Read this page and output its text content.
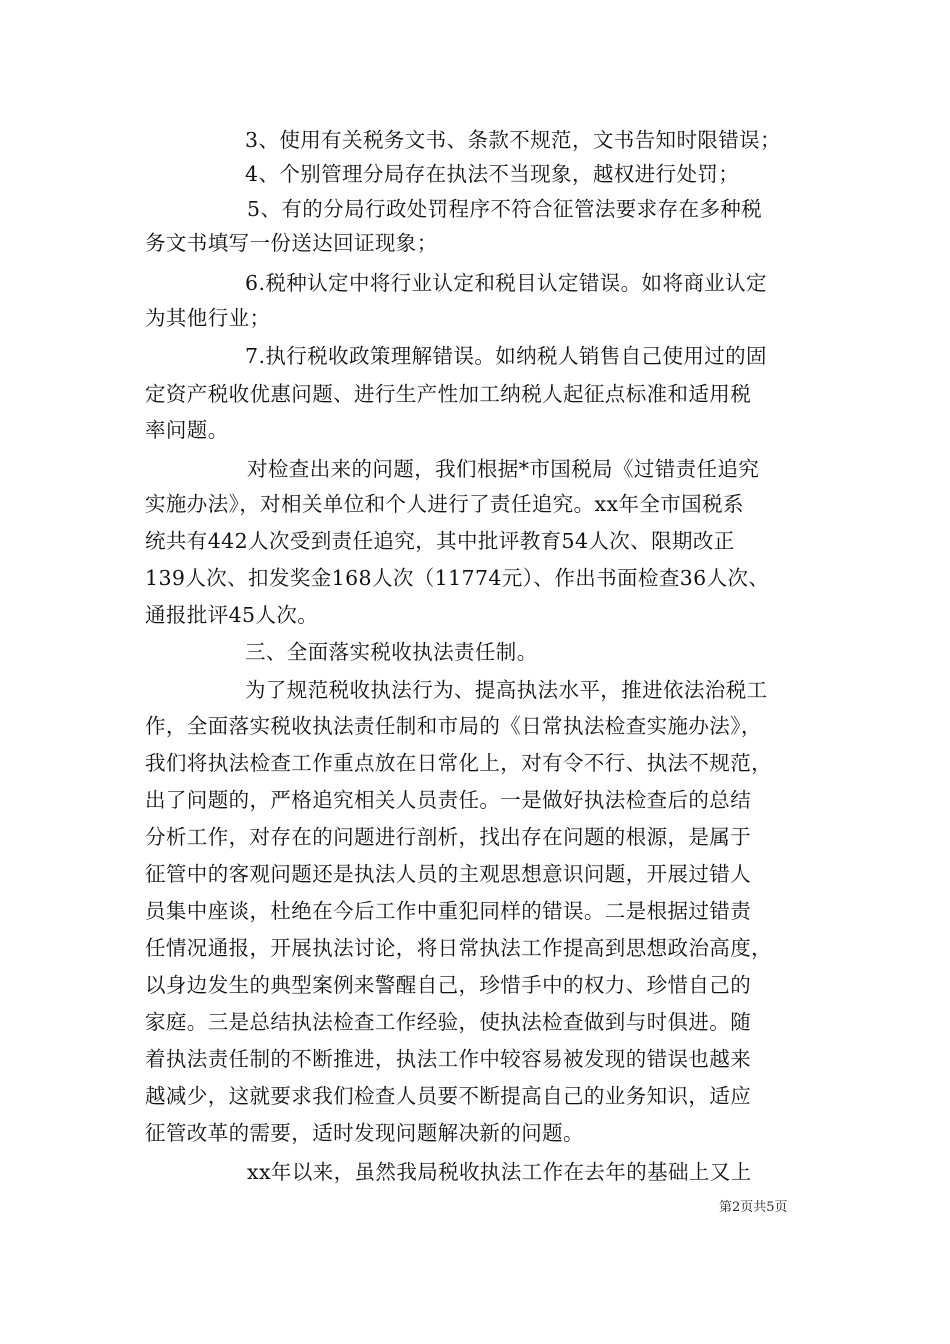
3、使用有关税务文书、条款不规范，文书告知时限错误；
4、个别管理分局存在执法不当现象，越权进行处罚；
5、有的分局行政处罚程序不符合征管法要求存在多种税
务文书填写一份送达回证现象；
6.税种认定中将行业认定和税目认定错误。如将商业认定
为其他行业；
7.执行税收政策理解错误。如纳税人销售自己使用过的固
定资产税收优惠问题、进行生产性加工纳税人起征点标准和适用税
率问题。
对检查出来的问题，我们根据*市国税局《过错责任追究
实施办法》，对相关单位和个人进行了责任追究。xx年全市国税系
统共有442人次受到责任追究，其中批评教育54人次、限期改正
139人次、扣发奖金168人次（11774元）、作出书面检查36人次、
通报批评45人次。
三、全面落实税收执法责任制。
为了规范税收执法行为、提高执法水平，推进依法治税工
作，全面落实税收执法责任制和市局的《日常执法检查实施办法》，
我们将执法检查工作重点放在日常化上，对有令不行、执法不规范，
出了问题的，严格追究相关人员责任。一是做好执法检查后的总结
分析工作，对存在的问题进行剖析，找出存在问题的根源，是属于
征管中的客观问题还是执法人员的主观思想意识问题，开展过错人
员集中座谈，杜绝在今后工作中重犯同样的错误。二是根据过错责
任情况通报，开展执法讨论，将日常执法工作提高到思想政治高度，
以身边发生的典型案例来警醒自己，珍惜手中的权力、珍惜自己的
家庭。三是总结执法检查工作经验，使执法检查做到与时俱进。随
着执法责任制的不断推进，执法工作中较容易被发现的错误也越来
越减少，这就要求我们检查人员要不断提高自己的业务知识，适应
征管改革的需要，适时发现问题解决新的问题。
xx年以来，虽然我局税收执法工作在去年的基础上又上
第2页共5页
